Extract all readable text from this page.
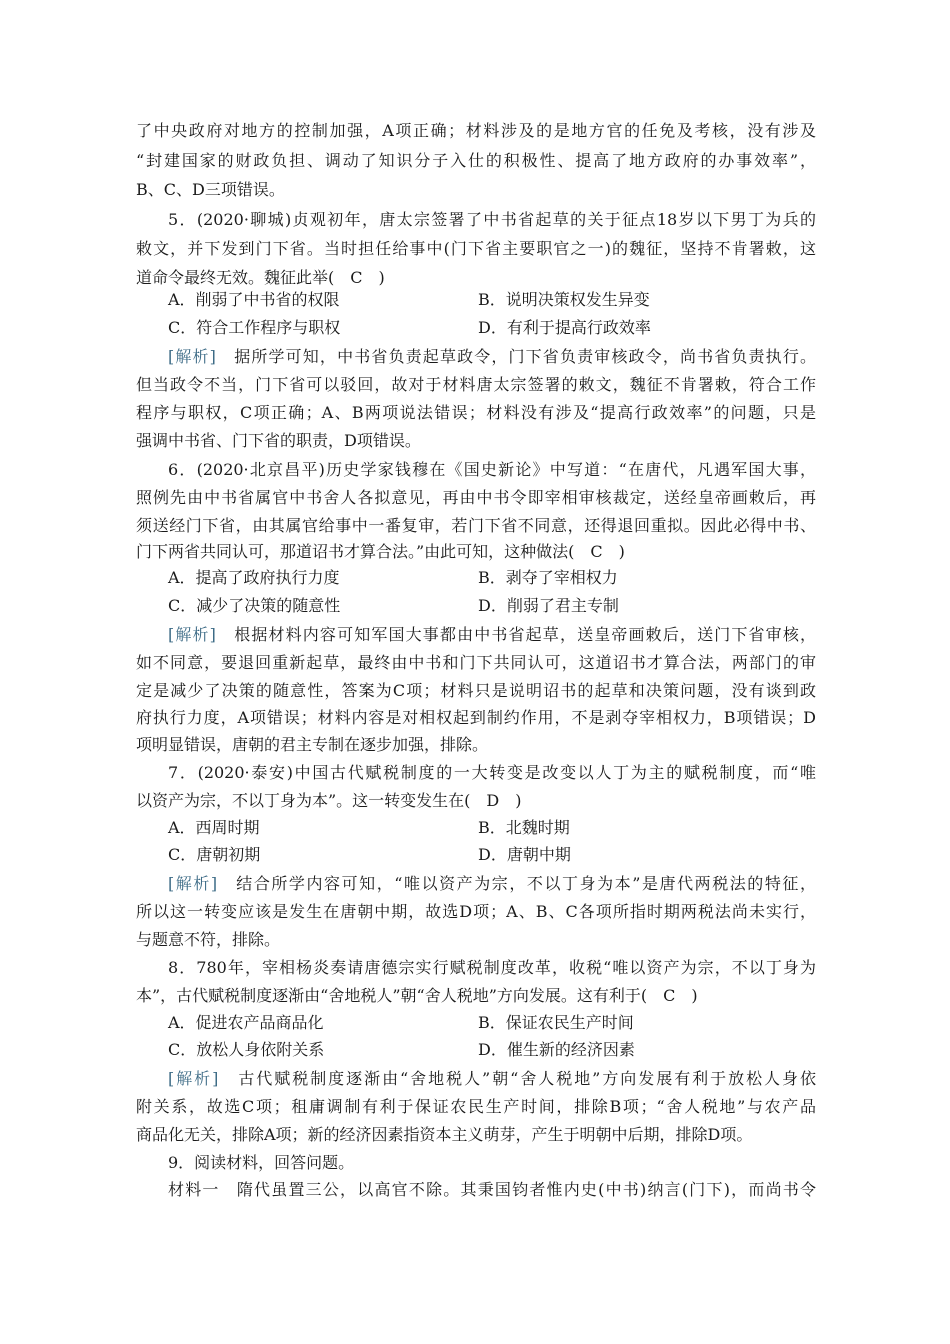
了中央政府对地方的控制加强，A项正确；材料涉及的是地方官的任免及考核，没有涉及
“封建国家的财政负担、调动了知识分子入仕的积极性、提高了地方政府的办事效率”，
B、C、D三项错误。
5．(2020·聊城)贞观初年，唐太宗签署了中书省起草的关于征点18岁以下男丁为兵的
敕文，并下发到门下省。当时担任给事中(门下省主要职官之一)的魏征，坚持不肯署敕，这
道命令最终无效。魏征此举(　C　)
A．削弱了中书省的权限	B．说明决策权发生异变
C．符合工作程序与职权	D．有利于提高行政效率
[解析]　据所学可知，中书省负责起草政令，门下省负责审核政令，尚书省负责执行。
但当政令不当，门下省可以驳回，故对于材料唐太宗签署的敕文，魏征不肯署敕，符合工作
程序与职权，C项正确；A、B两项说法错误；材料没有涉及“提高行政效率”的问题，只是
强调中书省、门下省的职责，D项错误。
6．(2020·北京昌平)历史学家钱穆在《国史新论》中写道：“在唐代，凡遇军国大事，
照例先由中书省属官中书舍人各拟意见，再由中书令即宰相审核裁定，送经皇帝画敕后，再
须送经门下省，由其属官给事中一番复审，若门下省不同意，还得退回重拟。因此必得中书、
门下两省共同认可，那道诏书才算合法。”由此可知，这种做法(　C　)
A．提高了政府执行力度	B．剥夺了宰相权力
C．减少了决策的随意性	D．削弱了君主专制
[解析]　根据材料内容可知军国大事都由中书省起草，送皇帝画敕后，送门下省审核，
如不同意，要退回重新起草，最终由中书和门下共同认可，这道诏书才算合法，两部门的审
定是减少了决策的随意性，答案为C项；材料只是说明诏书的起草和决策问题，没有谈到政
府执行力度，A项错误；材料内容是对相权起到制约作用，不是剥夺宰相权力，B项错误；D
项明显错误，唐朝的君主专制在逐步加强，排除。
7．(2020·泰安)中国古代赋税制度的一大转变是改变以人丁为主的赋税制度，而“唯
以资产为宗，不以丁身为本”。这一转变发生在(　D　)
A．西周时期	B．北魏时期
C．唐朝初期	D．唐朝中期
[解析]　结合所学内容可知，“唯以资产为宗，不以丁身为本”是唐代两税法的特征，
所以这一转变应该是发生在唐朝中期，故选D项；A、B、C各项所指时期两税法尚未实行，
与题意不符，排除。
8．780年，宰相杨炎奏请唐德宗实行赋税制度改革，收税“唯以资产为宗，不以丁身为
本”，古代赋税制度逐渐由“舍地税人”朝“舍人税地”方向发展。这有利于(　C　)
A．促进农产品商品化	B．保证农民生产时间
C．放松人身依附关系	D．催生新的经济因素
[解析]　古代赋税制度逐渐由“舍地税人”朝“舍人税地”方向发展有利于放松人身依
附关系，故选C项；租庸调制有利于保证农民生产时间，排除B项；“舍人税地”与农产品
商品化无关，排除A项；新的经济因素指资本主义萌芽，产生于明朝中后期，排除D项。
9．阅读材料，回答问题。
材料一　隋代虽置三公，以高官不除。其秉国钧者惟内史(中书)纳言(门下)，而尚书令
